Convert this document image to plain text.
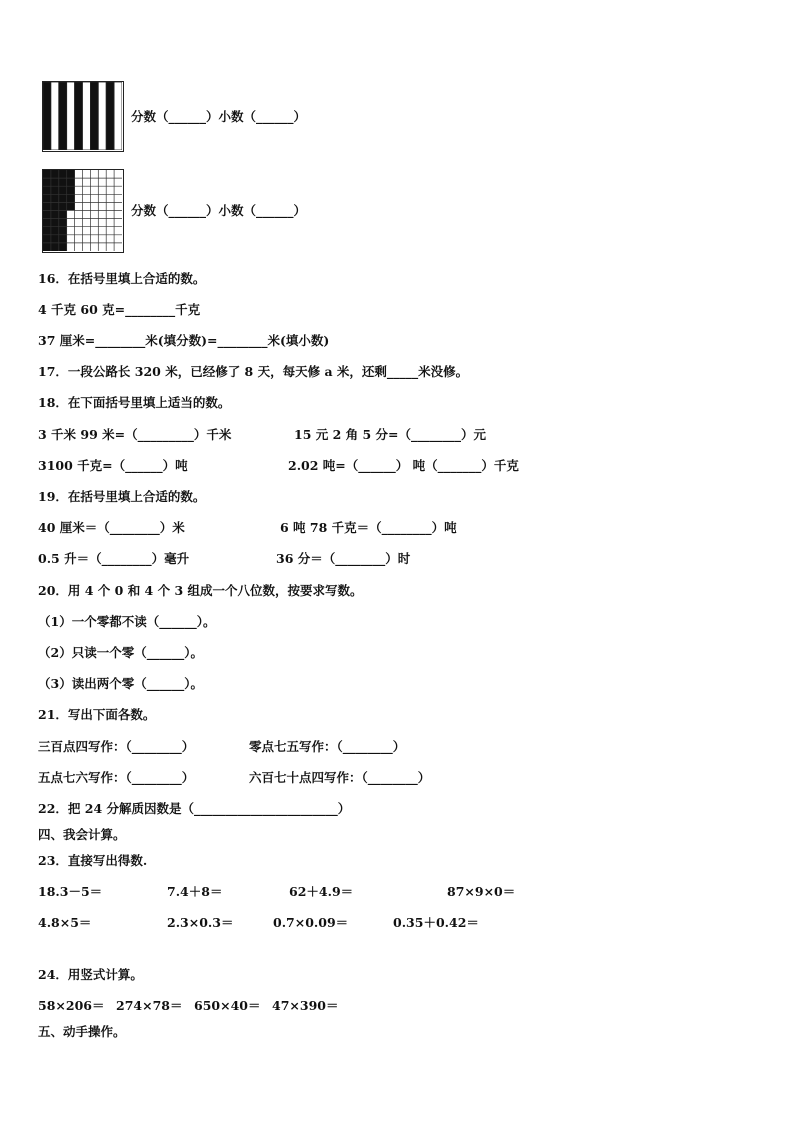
分数（______）小数（______）
分数（______）小数（______）
16．在括号里填上合适的数。
4 千克 60 克=________千克
37 厘米=________米(填分数)=________米(填小数)
17．一段公路长 320 米，已经修了 8 天，每天修 a 米，还剩_____米没修。
18．在下面括号里填上适当的数。
3 千米 99 米=（_________）千米	15 元 2 角 5 分=（________）元
3100 千克=（______）吨	2.02 吨=（______） 吨（_______）千克
19．在括号里填上合适的数。
40 厘米＝（________）米	6 吨 78 千克＝（________）吨
0.5 升＝（________）毫升	36 分＝（________）时
20．用 4 个 0 和 4 个 3 组成一个八位数，按要求写数。
（1）一个零都不读（______）。
（2）只读一个零（______）。
（3）读出两个零（______）。
21．写出下面各数。
三百点四写作：（________）	零点七五写作：（________）
五点七六写作：（________）	六百七十点四写作：（________）
22．把 24 分解质因数是（_______________________）
四、我会计算。
23．直接写出得数.
18.3－5＝	7.4＋8＝	62＋4.9＝	87×9×0＝
4.8×5＝	2.3×0.3＝	0.7×0.09＝	0.35＋0.42＝
24．用竖式计算。
58×206＝ 274×78＝ 650×40＝ 47×390＝
五、动手操作。
